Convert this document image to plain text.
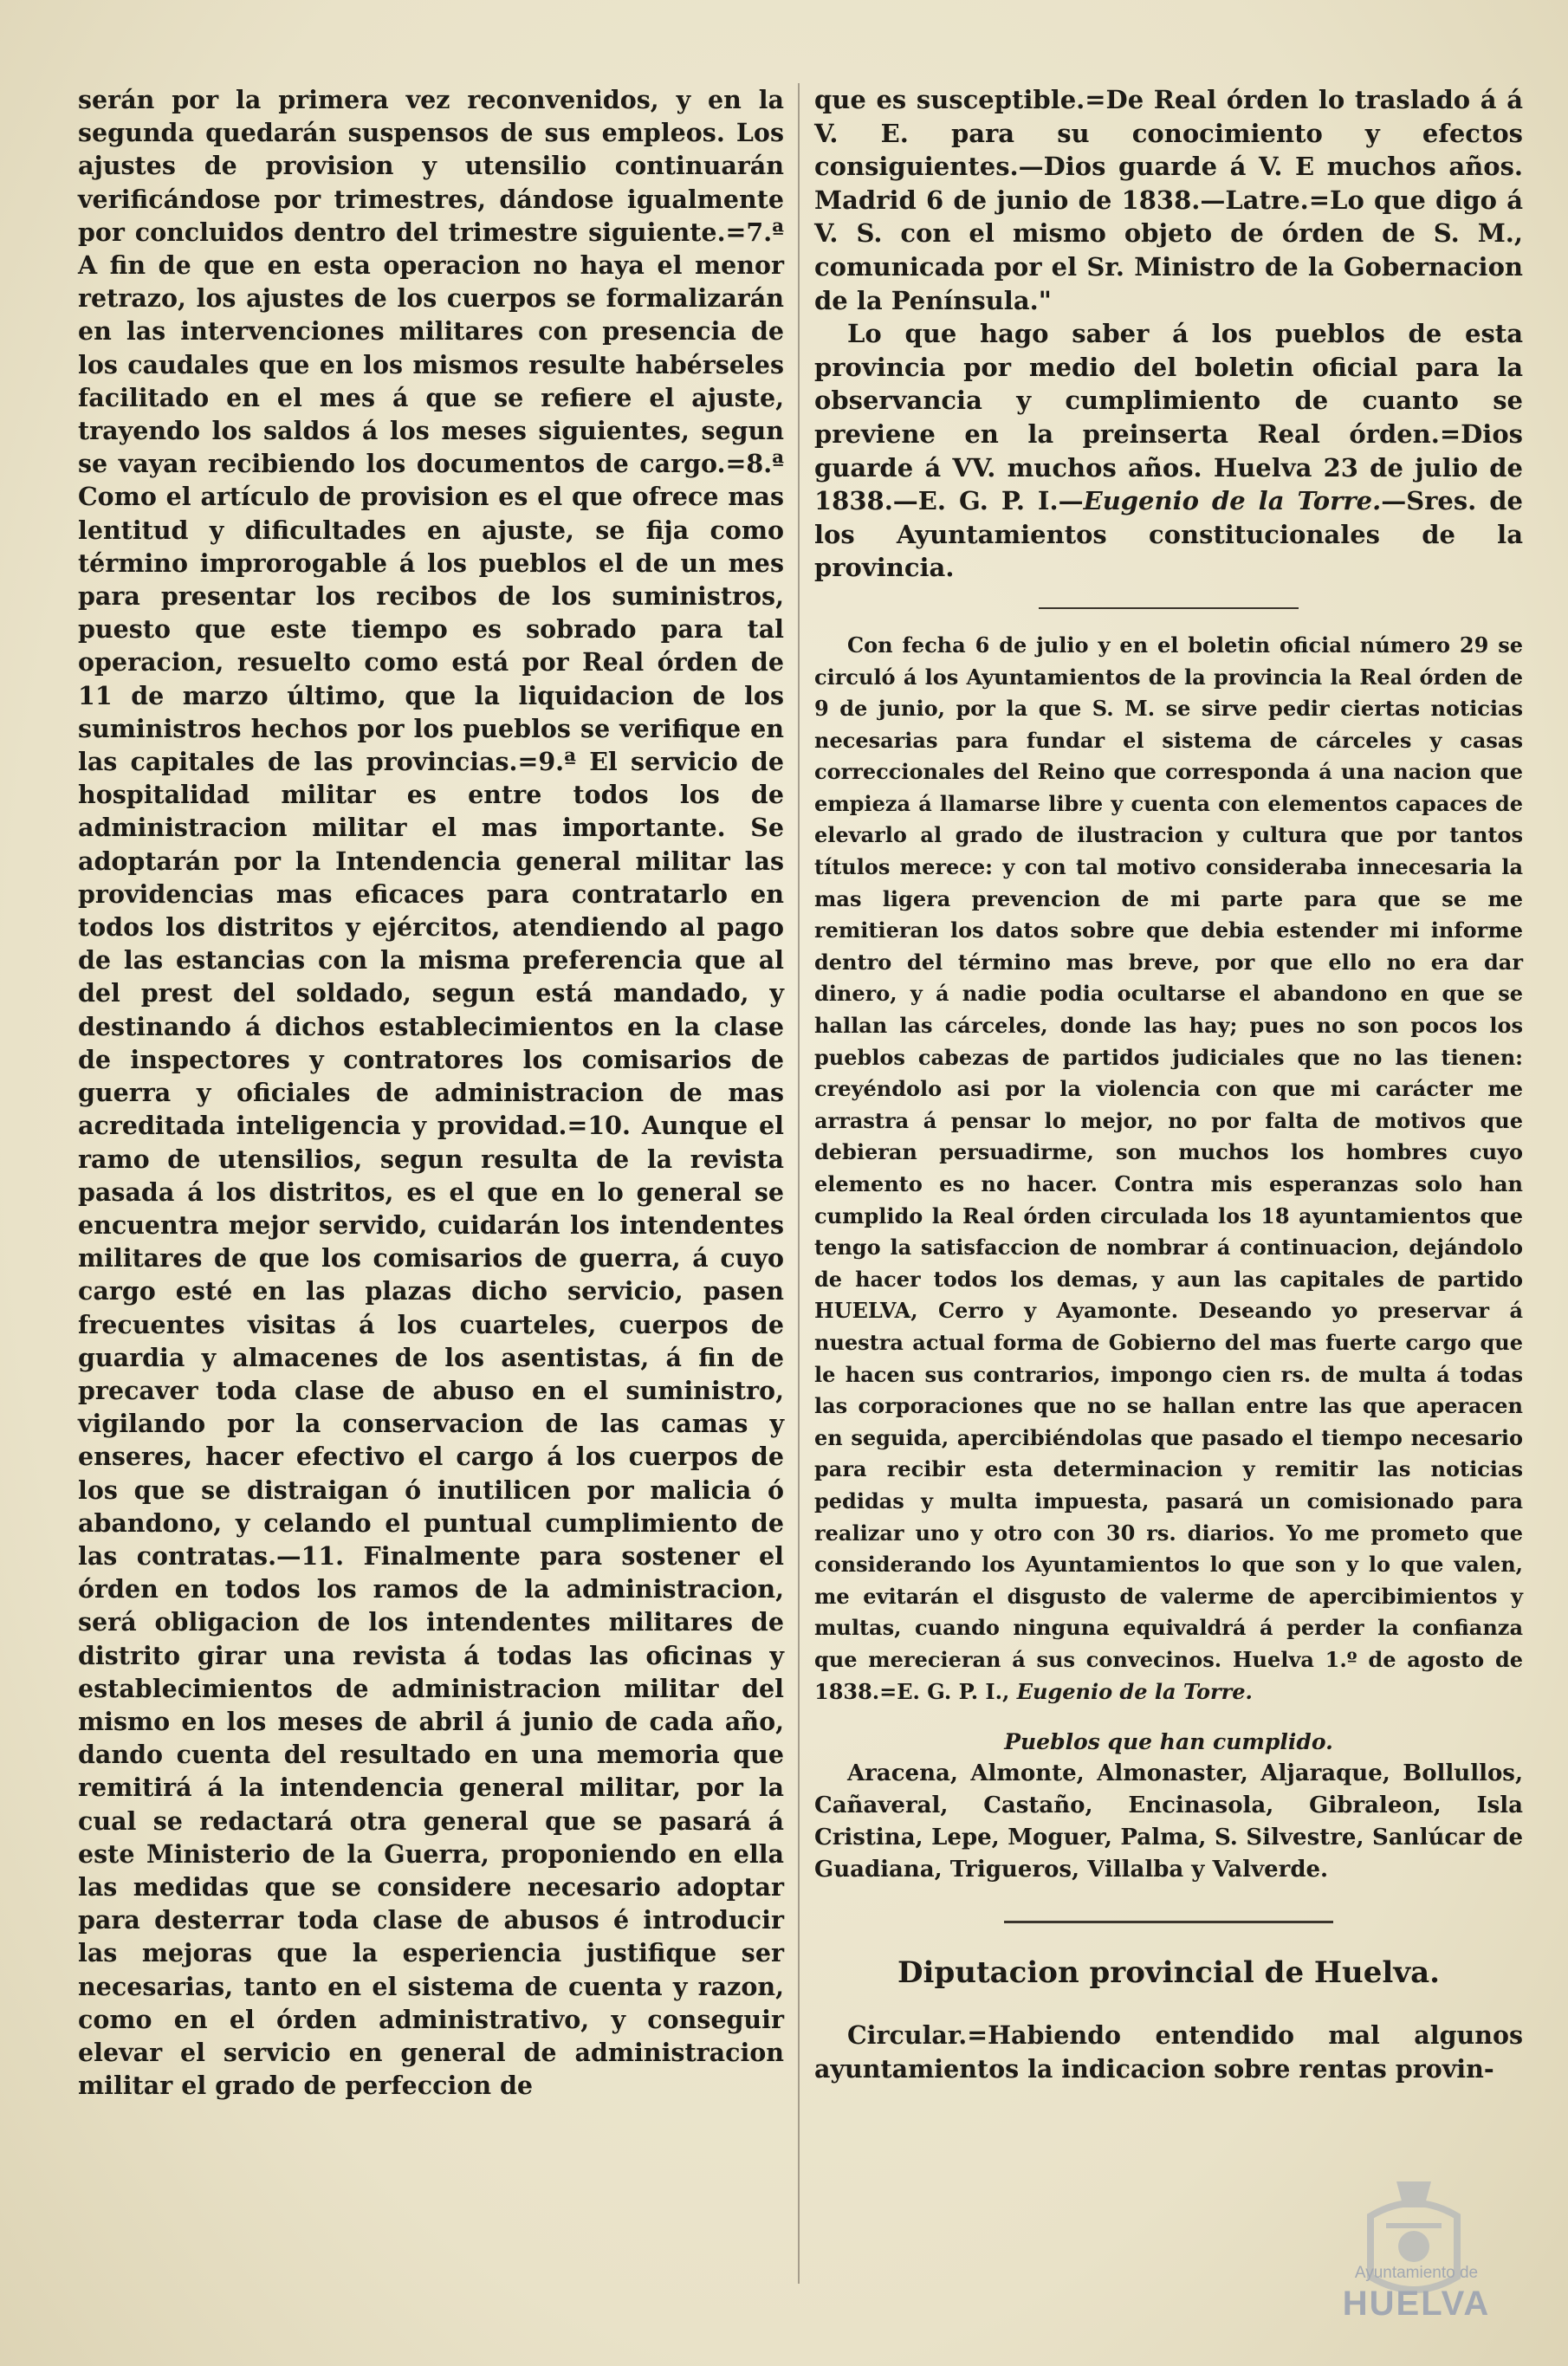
serán por la primera vez reconvenidos, y en la segunda quedarán suspensos de sus empleos. Los ajustes de provision y utensilio continuarán verificándose por trimestres, dándose igualmente por concluidos dentro del trimestre siguiente.=7.ª A fin de que en esta operacion no haya el menor retrazo, los ajustes de los cuerpos se formalizarán en las intervenciones militares con presencia de los caudales que en los mismos resulte habérseles facilitado en el mes á que se refiere el ajuste, trayendo los saldos á los meses siguientes, segun se vayan recibiendo los documentos de cargo.=8.ª Como el artículo de provision es el que ofrece mas lentitud y dificultades en ajuste, se fija como término improrogable á los pueblos el de un mes para presentar los recibos de los suministros, puesto que este tiempo es sobrado para tal operacion, resuelto como está por Real órden de 11 de marzo último, que la liquidacion de los suministros hechos por los pueblos se verifique en las capitales de las provincias.=9.ª El servicio de hospitalidad militar es entre todos los de administracion militar el mas importante. Se adoptarán por la Intendencia general militar las providencias mas eficaces para contratarlo en todos los distritos y ejércitos, atendiendo al pago de las estancias con la misma preferencia que al del prest del soldado, segun está mandado, y destinando á dichos establecimientos en la clase de inspectores y contratores los comisarios de guerra y oficiales de administracion de mas acreditada inteligencia y providad.=10. Aunque el ramo de utensilios, segun resulta de la revista pasada á los distritos, es el que en lo general se encuentra mejor servido, cuidarán los intendentes militares de que los comisarios de guerra, á cuyo cargo esté en las plazas dicho servicio, pasen frecuentes visitas á los cuarteles, cuerpos de guardia y almacenes de los asentistas, á fin de precaver toda clase de abuso en el suministro, vigilando por la conservacion de las camas y enseres, hacer efectivo el cargo á los cuerpos de los que se distraigan ó inutilicen por malicia ó abandono, y celando el puntual cumplimiento de las contratas.—11. Finalmente para sostener el órden en todos los ramos de la administracion, será obligacion de los intendentes militares de distrito girar una revista á todas las oficinas y establecimientos de administracion militar del mismo en los meses de abril á junio de cada año, dando cuenta del resultado en una memoria que remitirá á la intendencia general militar, por la cual se redactará otra general que se pasará á este Ministerio de la Guerra, proponiendo en ella las medidas que se considere necesario adoptar para desterrar toda clase de abusos é introducir las mejoras que la esperiencia justifique ser necesarias, tanto en el sistema de cuenta y razon, como en el órden administrativo, y conseguir elevar el servicio en general de administracion militar el grado de perfeccion de

que es susceptible.=De Real órden lo traslado á á V. E. para su conocimiento y efectos consiguientes.—Dios guarde á V. E muchos años. Madrid 6 de junio de 1838.—Latre.=Lo que digo á V. S. con el mismo objeto de órden de S. M., comunicada por el Sr. Ministro de la Gobernacion de la Península."

Lo que hago saber á los pueblos de esta provincia por medio del boletin oficial para la observancia y cumplimiento de cuanto se previene en la preinserta Real órden.=Dios guarde á VV. muchos años. Huelva 23 de julio de 1838.—E. G. P. I.—Eugenio de la Torre.—Sres. de los Ayuntamientos constitucionales de la provincia.

Con fecha 6 de julio y en el boletin oficial número 29 se circuló á los Ayuntamientos de la provincia la Real órden de 9 de junio, por la que S. M. se sirve pedir ciertas noticias necesarias para fundar el sistema de cárceles y casas correccionales del Reino que corresponda á una nacion que empieza á llamarse libre y cuenta con elementos capaces de elevarlo al grado de ilustracion y cultura que por tantos títulos merece: y con tal motivo consideraba innecesaria la mas ligera prevencion de mi parte para que se me remitieran los datos sobre que debia estender mi informe dentro del término mas breve, por que ello no era dar dinero, y á nadie podia ocultarse el abandono en que se hallan las cárceles, donde las hay; pues no son pocos los pueblos cabezas de partidos judiciales que no las tienen: creyéndolo asi por la violencia con que mi carácter me arrastra á pensar lo mejor, no por falta de motivos que debieran persuadirme, son muchos los hombres cuyo elemento es no hacer. Contra mis esperanzas solo han cumplido la Real órden circulada los 18 ayuntamientos que tengo la satisfaccion de nombrar á continuacion, dejándolo de hacer todos los demas, y aun las capitales de partido HUELVA, Cerro y Ayamonte. Deseando yo preservar á nuestra actual forma de Gobierno del mas fuerte cargo que le hacen sus contrarios, impongo cien rs. de multa á todas las corporaciones que no se hallan entre las que aperacen en seguida, apercibiéndolas que pasado el tiempo necesario para recibir esta determinacion y remitir las noticias pedidas y multa impuesta, pasará un comisionado para realizar uno y otro con 30 rs. diarios. Yo me prometo que considerando los Ayuntamientos lo que son y lo que valen, me evitarán el disgusto de valerme de apercibimientos y multas, cuando ninguna equivaldrá á perder la confianza que merecieran á sus convecinos. Huelva 1.º de agosto de 1838.=E. G. P. I., Eugenio de la Torre.

Pueblos que han cumplido.

Aracena, Almonte, Almonaster, Aljaraque, Bollullos, Cañaveral, Castaño, Encinasola, Gibraleon, Isla Cristina, Lepe, Moguer, Palma, S. Silvestre, Sanlúcar de Guadiana, Trigueros, Villalba y Valverde.

Diputacion provincial de Huelva.

Circular.=Habiendo entendido mal algunos ayuntamientos la indicacion sobre rentas provin-

Ayuntamiento de
HUELVA
